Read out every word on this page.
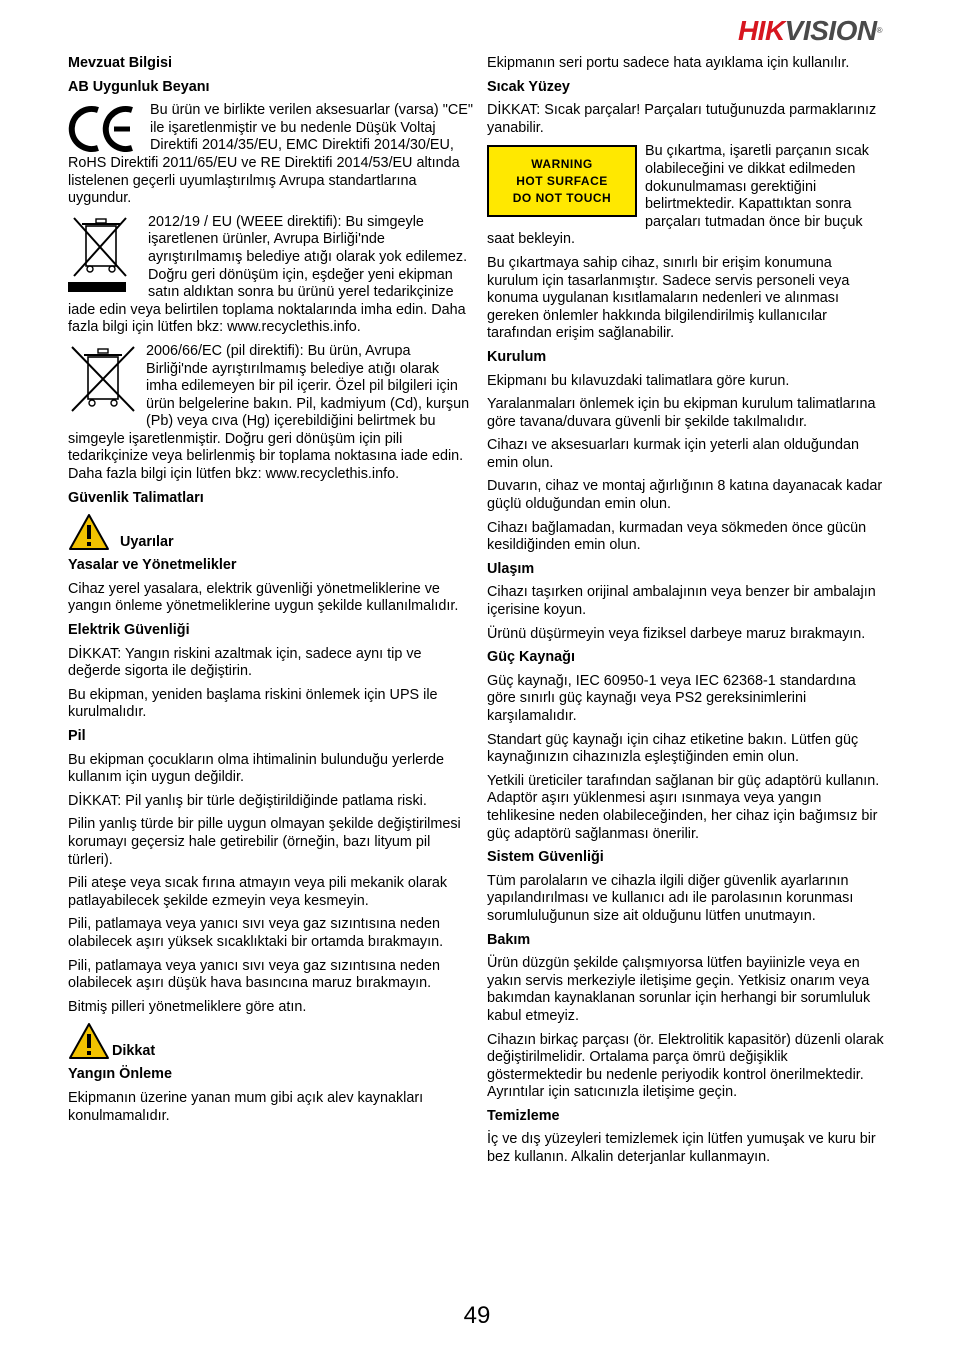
HIKVISION®
Mevzuat Bilgisi
AB Uygunluk Beyanı
Bu ürün ve birlikte verilen aksesuarlar (varsa) "CE" ile işaretlenmiştir ve bu nedenle Düşük Voltaj Direktifi 2014/35/EU, EMC Direktifi 2014/30/EU, RoHS Direktifi 2011/65/EU ve RE Direktifi 2014/53/EU altında listelenen geçerli uyumlaştırılmış Avrupa standartlarına uygundur.
2012/19 / EU (WEEE direktifi): Bu simgeyle işaretlenen ürünler, Avrupa Birliği'nde ayrıştırılmamış belediye atığı olarak yok edilemez. Doğru geri dönüşüm için, eşdeğer yeni ekipman satın aldıktan sonra bu ürünü yerel tedarikçinize iade edin veya belirtilen toplama noktalarında imha edin. Daha fazla bilgi için lütfen bkz: www.recyclethis.info.
2006/66/EC (pil direktifi): Bu ürün, Avrupa Birliği'nde ayrıştırılmamış belediye atığı olarak imha edilemeyen bir pil içerir. Özel pil bilgileri için ürün belgelerine bakın. Pil, kadmiyum (Cd), kurşun (Pb) veya cıva (Hg) içerebildiğini belirtmek bu simgeyle işaretlenmiştir. Doğru geri dönüşüm için pili tedarikçinize veya belirlenmiş bir toplama noktasına iade edin. Daha fazla bilgi için lütfen bkz: www.recyclethis.info.
Güvenlik Talimatları
Uyarılar
Yasalar ve Yönetmelikler

Cihaz yerel yasalara, elektrik güvenliği yönetmeliklerine ve yangın önleme yönetmeliklerine uygun şekilde kullanılmalıdır.

Elektrik Güvenliği

DİKKAT: Yangın riskini azaltmak için, sadece aynı tip ve değerde sigorta ile değiştirin.

Bu ekipman, yeniden başlama riskini önlemek için UPS ile kurulmalıdır.

Pil

Bu ekipman çocukların olma ihtimalinin bulunduğu yerlerde kullanım için uygun değildir.

DİKKAT: Pil yanlış bir türle değiştirildiğinde patlama riski.

Pilin yanlış türde bir pille uygun olmayan şekilde değiştirilmesi korumayı geçersiz hale getirebilir (örneğin, bazı lityum pil türleri).

Pili ateşe veya sıcak fırına atmayın veya pili mekanik olarak patlayabilecek şekilde ezmeyin veya kesmeyin.

Pili, patlamaya veya yanıcı sıvı veya gaz sızıntısına neden olabilecek aşırı yüksek sıcaklıktaki bir ortamda bırakmayın.

Pili, patlamaya veya yanıcı sıvı veya gaz sızıntısına neden olabilecek aşırı düşük hava basıncına maruz bırakmayın.

Bitmiş pilleri yönetmeliklere göre atın.

Dikkat
Yangın Önleme

Ekipmanın üzerine yanan mum gibi açık alev kaynakları konulmamalıdır.

Ekipmanın seri portu sadece hata ayıklama için kullanılır.

Sıcak Yüzey

DİKKAT: Sıcak parçalar! Parçaları tutuğunuzda parmaklarınız yanabilir.

WARNING
HOT SURFACE
DO NOT TOUCH
Bu çıkartma, işaretli parçanın sıcak olabileceğini ve dikkat edilmeden dokunulmaması gerektiğini belirtmektedir. Kapattıktan sonra parçaları tutmadan önce bir buçuk saat bekleyin.

Bu çıkartmaya sahip cihaz, sınırlı bir erişim konumuna kurulum için tasarlanmıştır. Sadece servis personeli veya konuma uygulanan kısıtlamaların nedenleri ve alınması gereken önlemler hakkında bilgilendirilmiş kullanıcılar tarafından erişim sağlanabilir.

Kurulum

Ekipmanı bu kılavuzdaki talimatlara göre kurun.

Yaralanmaları önlemek için bu ekipman kurulum talimatlarına göre tavana/duvara güvenli bir şekilde takılmalıdır.

Cihazı ve aksesuarları kurmak için yeterli alan olduğundan emin olun.

Duvarın, cihaz ve montaj ağırlığının 8 katına dayanacak kadar güçlü olduğundan emin olun.

Cihazı bağlamadan, kurmadan veya sökmeden önce gücün kesildiğinden emin olun.

Ulaşım

Cihazı taşırken orijinal ambalajının veya benzer bir ambalajın içerisine koyun.

Ürünü düşürmeyin veya fiziksel darbeye maruz bırakmayın.

Güç Kaynağı

Güç kaynağı, IEC 60950-1 veya IEC 62368-1 standardına göre sınırlı güç kaynağı veya PS2 gereksinimlerini karşılamalıdır.

Standart güç kaynağı için cihaz etiketine bakın. Lütfen güç kaynağınızın cihazınızla eşleştiğinden emin olun.

Yetkili üreticiler tarafından sağlanan bir güç adaptörü kullanın. Adaptör aşırı yüklenmesi aşırı ısınmaya veya yangın tehlikesine neden olabileceğinden, her cihaz için bağımsız bir güç adaptörü sağlanması önerilir.

Sistem Güvenliği

Tüm parolaların ve cihazla ilgili diğer güvenlik ayarlarının yapılandırılması ve kullanıcı adı ile parolasının korunması sorumluluğunun size ait olduğunu lütfen unutmayın.

Bakım

Ürün düzgün şekilde çalışmıyorsa lütfen bayiinizle veya en yakın servis merkeziyle iletişime geçin. Yetkisiz onarım veya bakımdan kaynaklanan sorunlar için herhangi bir sorumluluk kabul etmeyiz.

Cihazın birkaç parçası (ör. Elektrolitik kapasitör) düzenli olarak değiştirilmelidir. Ortalama parça ömrü değişiklik göstermektedir bu nedenle periyodik kontrol önerilmektedir. Ayrıntılar için satıcınızla iletişime geçin.

Temizleme

İç ve dış yüzeyleri temizlemek için lütfen yumuşak ve kuru bir bez kullanın. Alkalin deterjanlar kullanmayın.

49
